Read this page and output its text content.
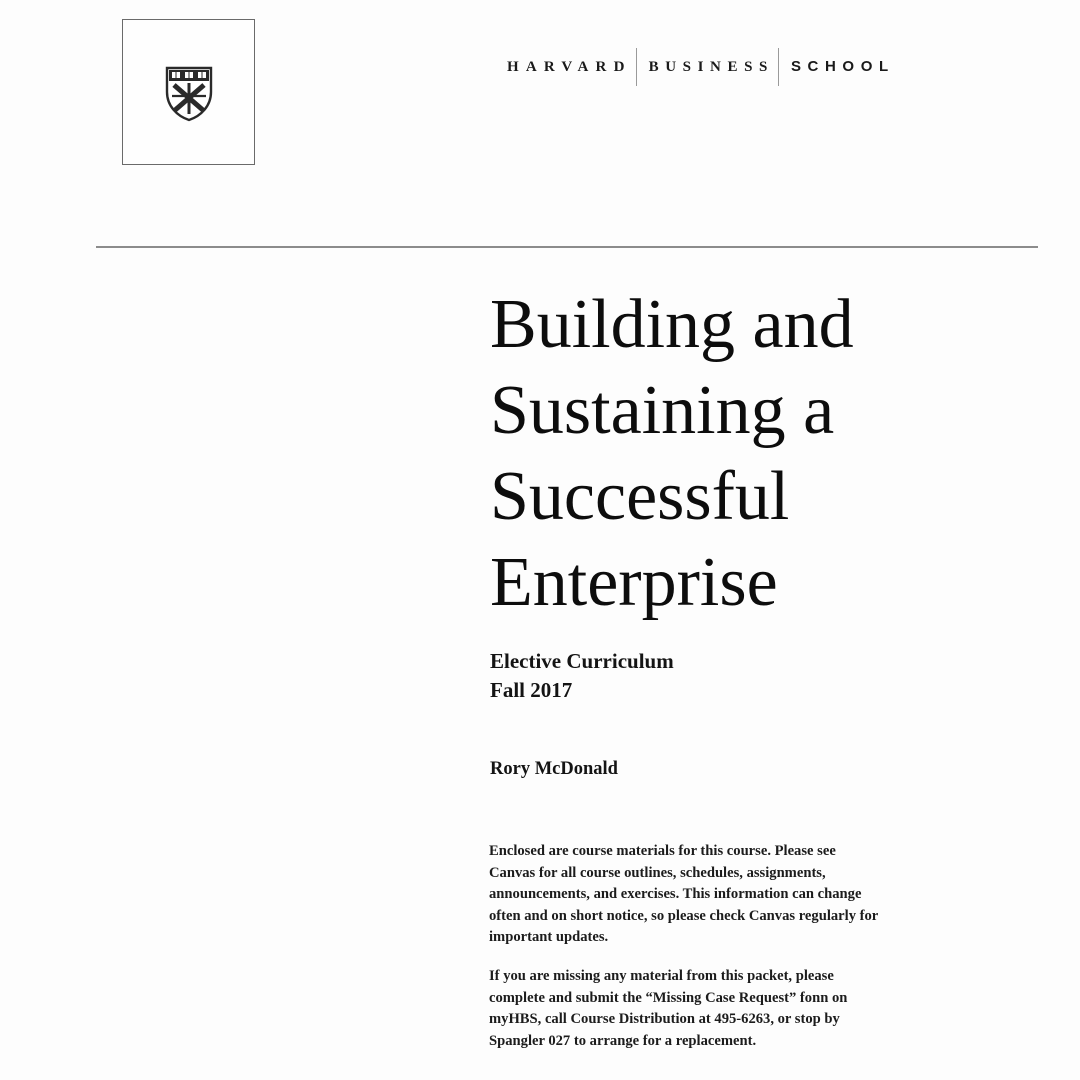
HARVARD	BUSINESS	SCHOOL
Building and
Sustaining a
Successful
Enterprise
Elective Curriculum
Fall 2017
Rory McDonald
Enclosed are course materials for this course. Please see
Canvas for all course outlines, schedules, assignments,
announcements, and exercises. This information can change
often and on short notice, so please check Canvas regularly for
important updates.
If you are missing any material from this packet, please
complete and submit the “Missing Case Request” fonn on
myHBS, call Course Distribution at 495-6263, or stop by
Spangler 027 to arrange for a replacement.
